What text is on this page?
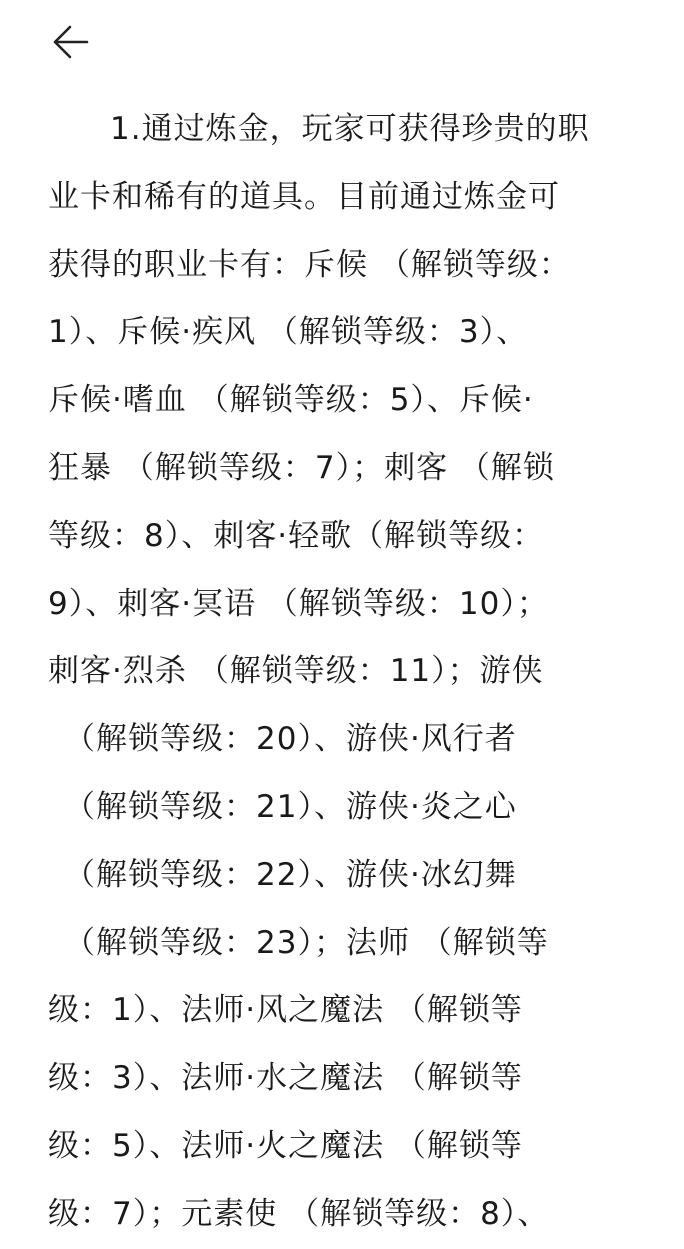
1.通过炼金，玩家可获得珍贵的职
业卡和稀有的道具。目前通过炼金可
获得的职业卡有：斥候 （解锁等级：
1）、斥候·疾风 （解锁等级：3）、
斥候·嗜血 （解锁等级：5）、斥候·
狂暴 （解锁等级：7）；刺客 （解锁
等级：8）、刺客·轻歌（解锁等级：
9）、刺客·冥语 （解锁等级：10）；
刺客·烈杀 （解锁等级：11）；游侠
（解锁等级：20）、游侠·风行者
（解锁等级：21）、游侠·炎之心
（解锁等级：22）、游侠·冰幻舞
（解锁等级：23）；法师 （解锁等
级：1）、法师·风之魔法 （解锁等
级：3）、法师·水之魔法 （解锁等
级：5）、法师·火之魔法 （解锁等
级：7）；元素使 （解锁等级：8）、
